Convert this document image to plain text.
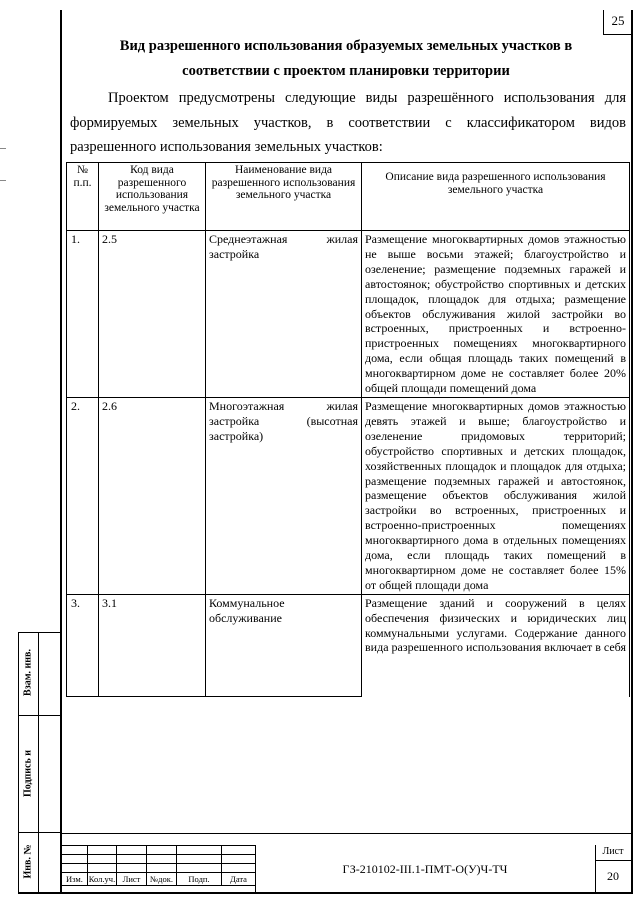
25
Вид разрешенного использования образуемых земельных участков в
соответствии с проектом планировки территории
Проектом предусмотрены следующие виды разрешённого использования для
формируемых земельных участков, в соответствии с классификатором видов
разрешенного использования земельных участков:
№ п.п.	Код вида разрешенного использования земельного участка	Наименование вида разрешенного использования земельного участка	Описание вида разрешенного использования земельного участка
1.	2.5	Среднеэтажная жилая застройка	Размещение многоквартирных домов этажностью не выше восьми этажей; благоустройство и озеленение; размещение подземных гаражей и автостоянок; обустройство спортивных и детских площадок, площадок для отдыха; размещение объектов обслуживания жилой застройки во встроенных, пристроенных и встроенно-пристроенных помещениях многоквартирного дома, если общая площадь таких помещений в многоквартирном доме не составляет более 20% общей площади помещений дома
2.	2.6	Многоэтажная жилая застройка (высотная застройка)	Размещение многоквартирных домов этажностью девять этажей и выше; благоустройство и озеленение придомовых территорий; обустройство спортивных и детских площадок, хозяйственных площадок и площадок для отдыха; размещение подземных гаражей и автостоянок, размещение объектов обслуживания жилой застройки во встроенных, пристроенных и встроенно-пристроенных помещениях многоквартирного дома в отдельных помещениях дома, если площадь таких помещений в многоквартирном доме не составляет более 15% от общей площади дома
3.	3.1	Коммунальное обслуживание	Размещение зданий и сооружений в целях обеспечения физических и юридических лиц коммунальными услугами. Содержание данного вида разрешенного использования включает в себя
Взам. инв.
Подпись и
Инв. №

Изм.	Кол.уч.	Лист	№док.	Подп.	Дата
ГЗ-210102-III.1-ПМТ-О(У)Ч-ТЧ
Лист
20
